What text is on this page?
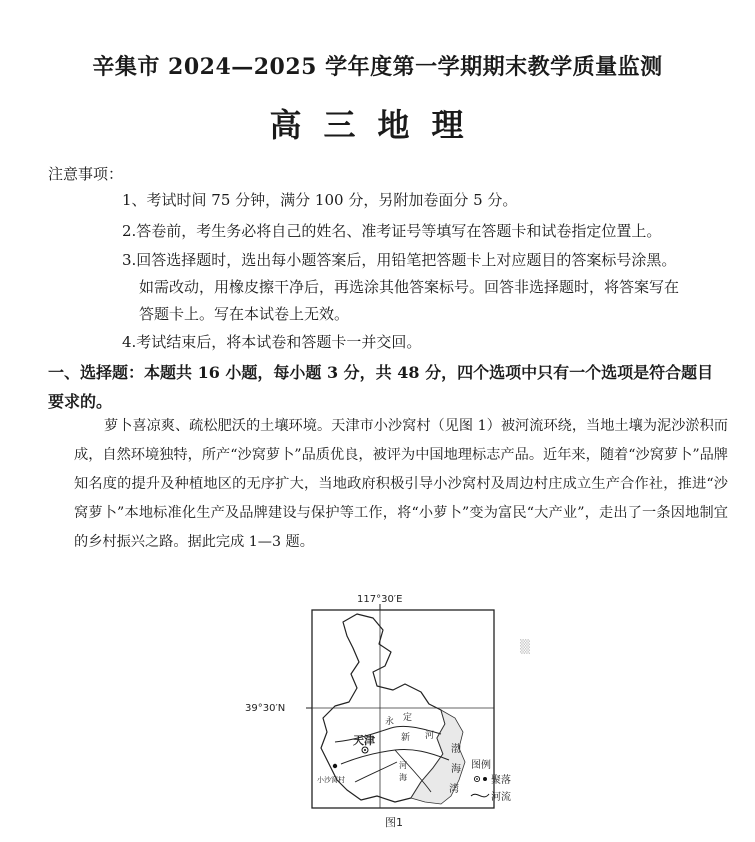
辛集市 2024—2025 学年度第一学期期末教学质量监测
高三地理
注意事项：
1、考试时间 75 分钟，满分 100 分，另附加卷面分 5 分。
2.答卷前，考生务必将自己的姓名、准考证号等填写在答题卡和试卷指定位置上。
3.回答选择题时，选出每小题答案后，用铅笔把答题卡上对应题目的答案标号涂黑。
如需改动，用橡皮擦干净后，再选涂其他答案标号。回答非选择题时，将答案写在
答题卡上。写在本试卷上无效。
4.考试结束后，将本试卷和答题卡一并交回。
一、选择题：本题共 16 小题，每小题 3 分，共 48 分，四个选项中只有一个选项是符合题目要求的。
萝卜喜凉爽、疏松肥沃的土壤环境。天津市小沙窝村（见图 1）被河流环绕，当地土壤为泥沙淤积而成，自然环境独特，所产“沙窝萝卜”品质优良，被评为中国地理标志产品。近年来，随着“沙窝萝卜”品牌知名度的提升及种植地区的无序扩大，当地政府积极引导小沙窝村及周边村庄成立生产合作社，推进“沙窝萝卜”本地标准化生产及品牌建设与保护等工作，将“小萝卜”变为富民“大产业”，走出了一条因地制宜的乡村振兴之路。据此完成 1—3 题。
▒
117°30′E
39°30′N
永 定
新 河
河
海
天津
渤
海
湾
小沙窝村
图例
聚落
河流
图1
